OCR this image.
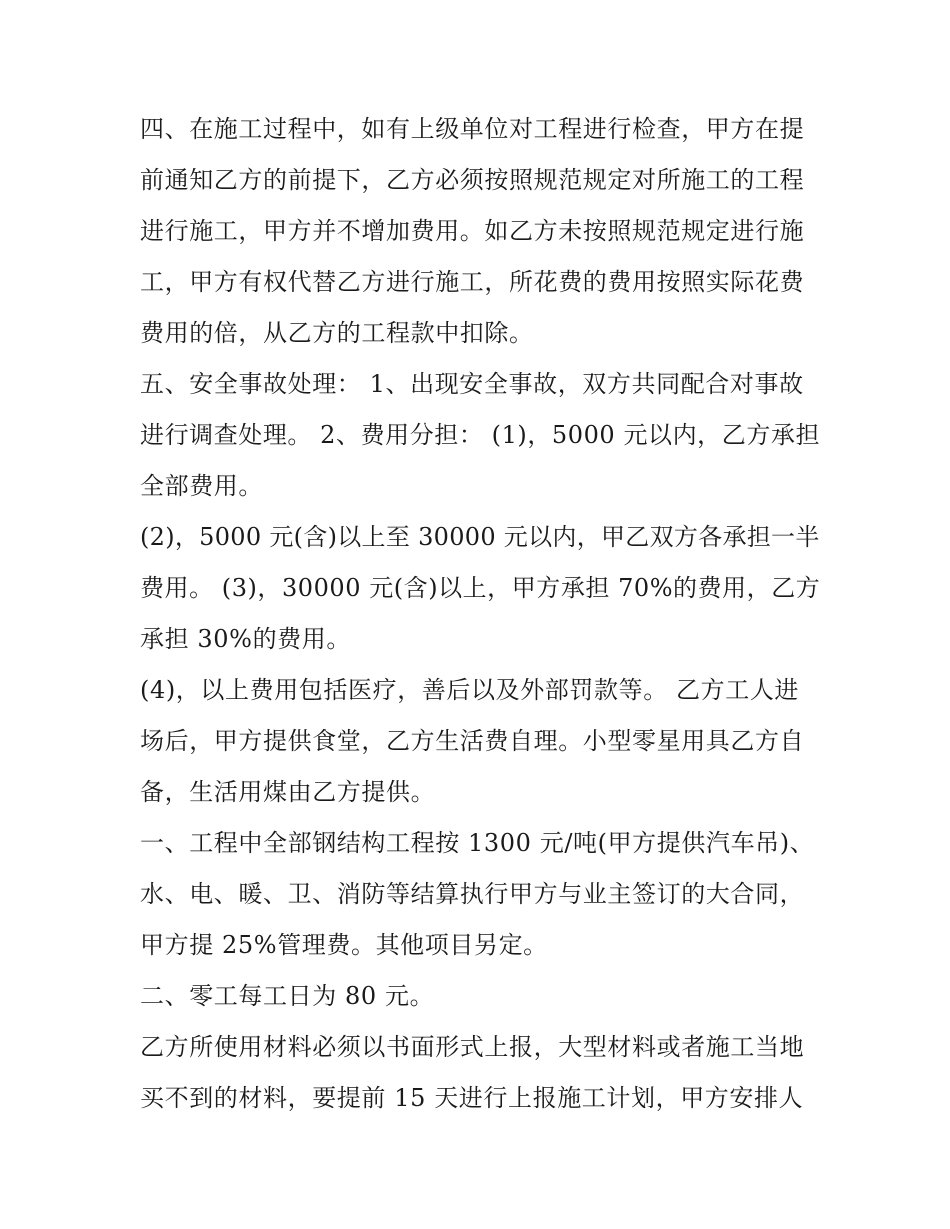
四、在施工过程中，如有上级单位对工程进行检查，甲方在提
前通知乙方的前提下，乙方必须按照规范规定对所施工的工程
进行施工，甲方并不增加费用。如乙方未按照规范规定进行施
工，甲方有权代替乙方进行施工，所花费的费用按照实际花费
费用的倍，从乙方的工程款中扣除。
五、安全事故处理： 1、出现安全事故，双方共同配合对事故
进行调查处理。 2、费用分担： (1)，5000 元以内，乙方承担
全部费用。
(2)，5000 元(含)以上至 30000 元以内，甲乙双方各承担一半
费用。 (3)，30000 元(含)以上，甲方承担 70%的费用，乙方
承担 30%的费用。
(4)，以上费用包括医疗，善后以及外部罚款等。 乙方工人进
场后，甲方提供食堂，乙方生活费自理。小型零星用具乙方自
备，生活用煤由乙方提供。
一、工程中全部钢结构工程按 1300 元/吨(甲方提供汽车吊)、
水、电、暖、卫、消防等结算执行甲方与业主签订的大合同，
甲方提 25%管理费。其他项目另定。
二、零工每工日为 80 元。
乙方所使用材料必须以书面形式上报，大型材料或者施工当地
买不到的材料，要提前 15 天进行上报施工计划，甲方安排人
